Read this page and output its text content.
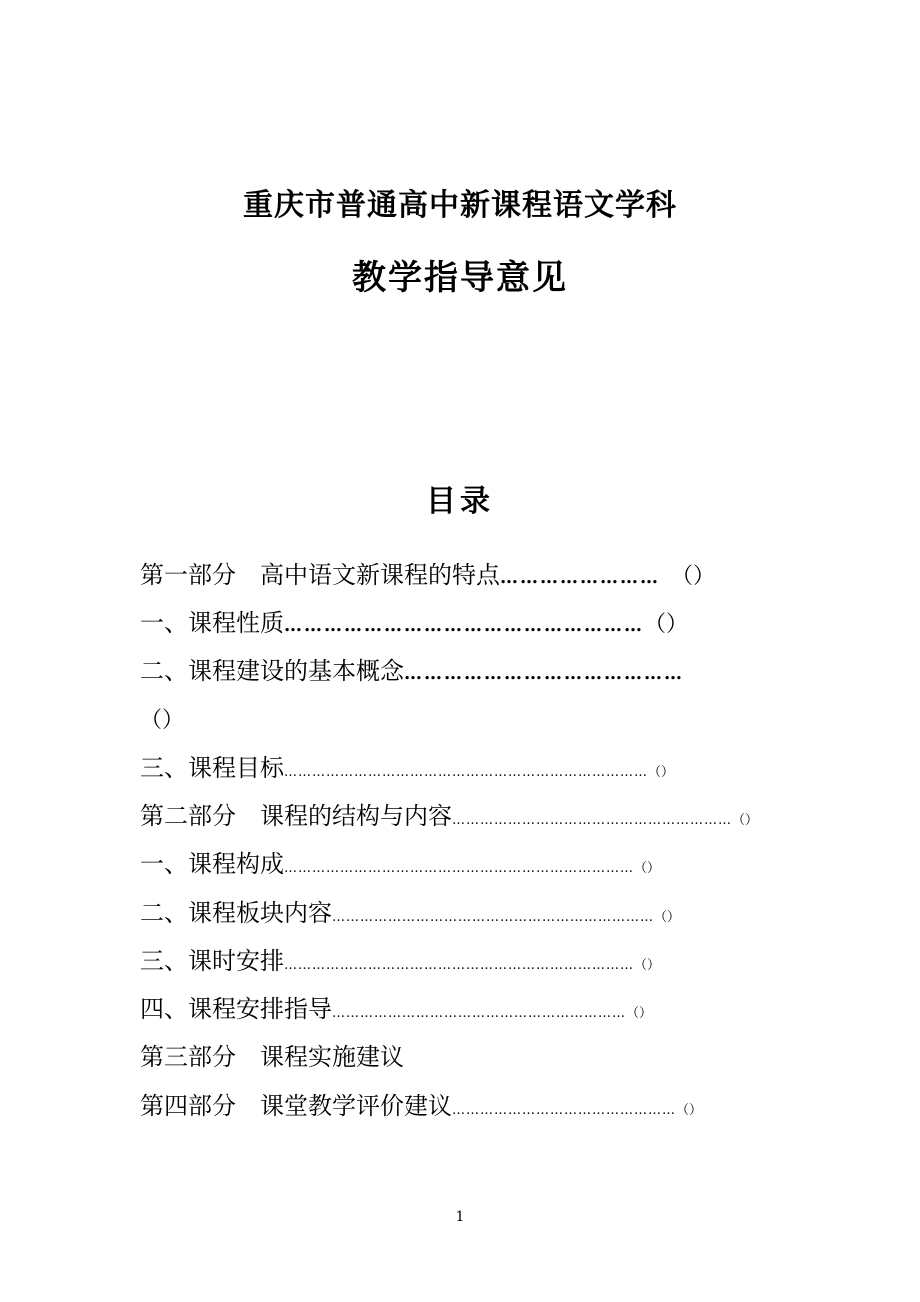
重庆市普通高中新课程语文学科
教学指导意见
目录
第一部分　高中语文新课程的特点……………………　（）
一、课程性质………………………………………………（）
二、课程建设的基本概念……………………………………
（）
三、课程目标……………………………………………………………………（）
第二部分　课程的结构与内容……………………………………………………（）
一、课程构成…………………………………………………………………（）
二、课程板块内容……………………………………………………………（）
三、课时安排…………………………………………………………………（）
四、课程安排指导………………………………………………………（）
第三部分　课程实施建议
第四部分　课堂教学评价建议…………………………………………（）
1
